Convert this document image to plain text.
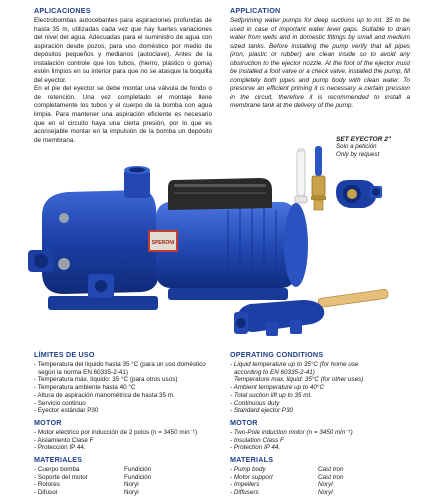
APLICACIONES

Electrobombas autocebantes para aspiraciones profundas de hasta 35 m, utilizadas cada vez que hay fuertes variaciones del nivel del agua. Adecuadas para el suministro de agua con aspiración desde pozos, para uso doméstico por medio de depósitos pequeños y medianos (autoclave). Antes de la instalación controle que los tubos, (hierro, plástico o goma) estén limpios en su interior para que no se atasque la boquilla del eyector.

En el pie del eyector se debe montar una válvula de fondo o de retención. Una vez completado el montaje llene completamente los tubos y el cuerpo de la bomba con agua limpia. Para mantener una aspiración eficiente es necesario que en el circuito haya una cierta presión, por lo que es aconsejable montar en la impulsión de la bomba un depósito de membrana.

APPLICATION

Selfpriming water pumps for deep suctions up to mt. 35 to be used in case of important water level gaps. Suitable to drain water from wells and in domestic fittings by small and medium sized tanks. Before installing the pump verify that all pipes (iron, plastic or rubber) are clean inside so to avoid any obstruction to the ejector nozzle. At the foot of the ejector must be installed a foot valve or a check valve, installed the pump, fill completely both pipes and pump body with clean water. To presorve an efficient priming it is necessary a certain pression in the circuit, therefore it is recommended to install a membrane tank at the delivery of the pump.

SET EYECTOR 2"
Solo a petición
Only by request
SPERONI
LÍMITES DE USO
- Temperatura del líquido hasta 35 °C (para un uso doméstico
según la norma EN 60335-2-41)
- Temperatura máx. líquido: 35 °C (para otros usos)
- Temperatura ambiente hasta 40 °C
- Altura de aspiración manométrica de hasta 35 m.
- Servicio continuo
- Eyector estándar P30
MOTOR
- Motor eléctrico por inducción de 2 polos (n = 3450 min⁻¹)
- Aislamiento Clase F
- Protección IP 44.
MATERIALES
- Cuerpo bomba	Fundición
- Soporte del motor	Fundición
- Rotores	Noryl
- Difusor	Noryl
OPERATING CONDITIONS
- Liquid temperature up to 35°C (for home use
according to EN 60335-2-41)
Temperature max. liquid: 35°C (for other uses)
- Ambient temperature up to 40°C
- Total suction lift up to 35 mt.
- Continuous duty
- Standard ejector P30
MOTOR
- Two-Pole induction motor (n = 3450 min⁻¹)
- Insulation Class F
- Protection IP 44.
MATERIALS
- Pump body	Cast Iron
- Motor support	Cast Iron
- Impellers	Noryl
- Diffusers	Noryl
